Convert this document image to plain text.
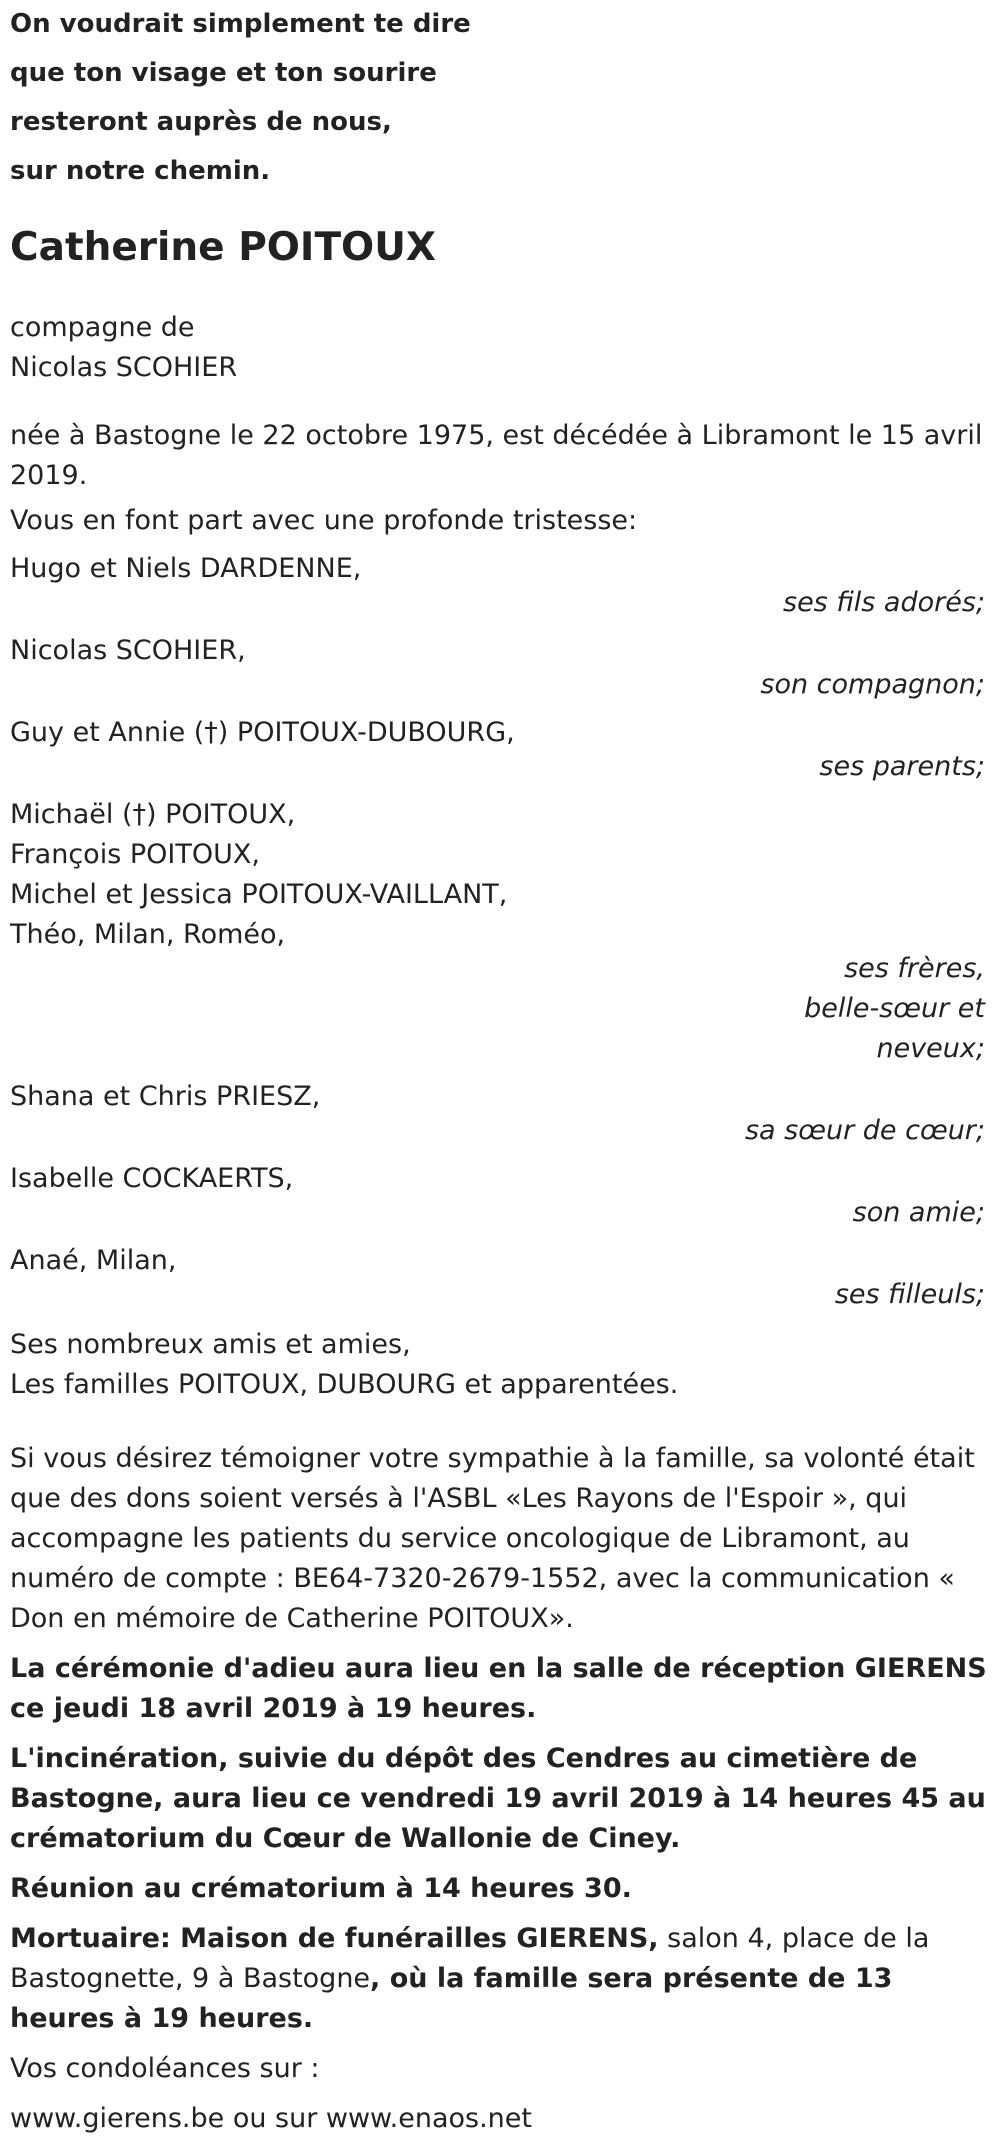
On voudrait simplement te dire
que ton visage et ton sourire
resteront auprès de nous,
sur notre chemin.
Catherine POITOUX
compagne de
Nicolas SCOHIER

née à Bastogne le 22 octobre 1975, est décédée à Libramont le 15 avril 2019.

Vous en font part avec une profonde tristesse:

Hugo et Niels DARDENNE,
ses fils adorés;
Nicolas SCOHIER,
son compagnon;
Guy et Annie (†) POITOUX-DUBOURG,
ses parents;
Michaël (†) POITOUX,
François POITOUX,
Michel et Jessica POITOUX-VAILLANT,
Théo, Milan, Roméo,
ses frères,
belle-sœur et
neveux;
Shana et Chris PRIESZ,
sa sœur de cœur;
Isabelle COCKAERTS,
son amie;
Anaé, Milan,
ses filleuls;
Ses nombreux amis et amies,
Les familles POITOUX, DUBOURG et apparentées.

Si vous désirez témoigner votre sympathie à la famille, sa volonté était que des dons soient versés à l'ASBL «Les Rayons de l'Espoir », qui accompagne les patients du service oncologique de Libramont, au numéro de compte : BE64-7320-2679-1552, avec la communication « Don en mémoire de Catherine POITOUX».

La cérémonie d'adieu aura lieu en la salle de réception GIERENS ce jeudi 18 avril 2019 à 19 heures.

L'incinération, suivie du dépôt des Cendres au cimetière de Bastogne, aura lieu ce vendredi 19 avril 2019 à 14 heures 45 au crématorium du Cœur de Wallonie de Ciney.

Réunion au crématorium à 14 heures 30.

Mortuaire: Maison de funérailles GIERENS, salon 4, place de la Bastognette, 9 à Bastogne, où la famille sera présente de 13 heures à 19 heures.

Vos condoléances sur :

www.gierens.be ou sur www.enaos.net
